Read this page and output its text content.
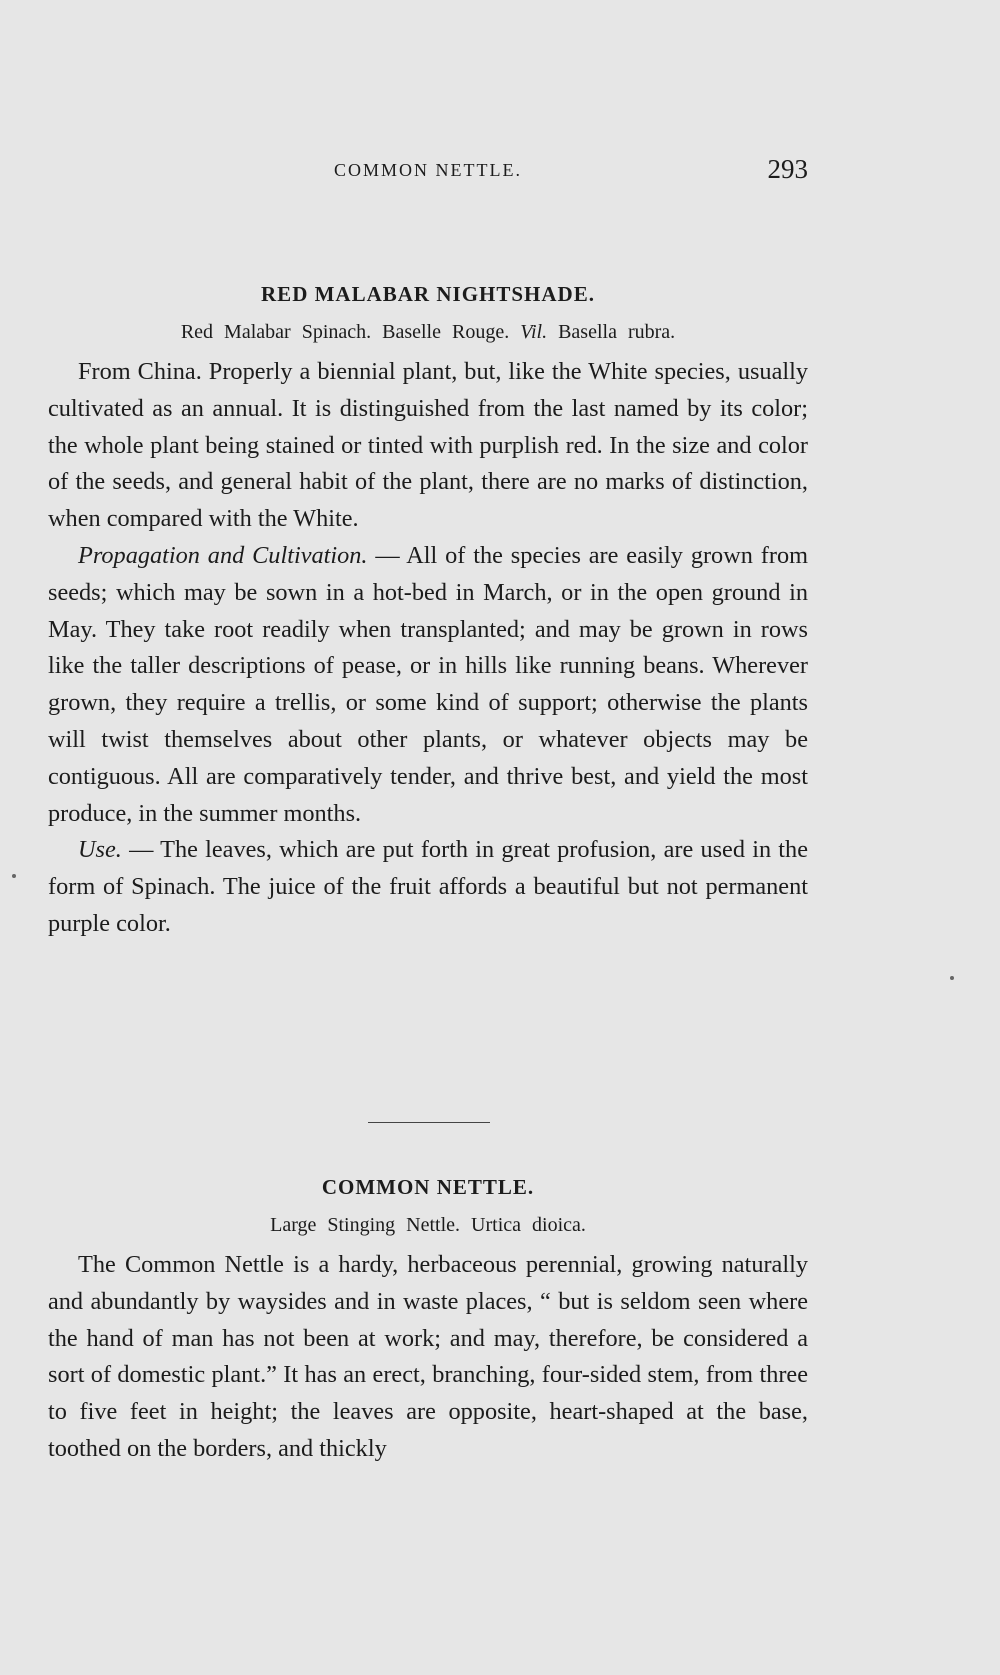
COMMON NETTLE.	293
RED MALABAR NIGHTSHADE.
Red Malabar Spinach. Baselle Rouge. Vil. Basella rubra.

From China. Properly a biennial plant, but, like the White species, usually cultivated as an annual. It is distinguished from the last named by its color; the whole plant being stained or tinted with purplish red. In the size and color of the seeds, and general habit of the plant, there are no marks of distinction, when compared with the White.

Propagation and Cultivation. — All of the species are easily grown from seeds; which may be sown in a hot-bed in March, or in the open ground in May. They take root readily when transplanted; and may be grown in rows like the taller descriptions of pease, or in hills like running beans. Wherever grown, they require a trellis, or some kind of support; otherwise the plants will twist themselves about other plants, or whatever objects may be contiguous. All are comparatively tender, and thrive best, and yield the most produce, in the summer months.

Use. — The leaves, which are put forth in great profusion, are used in the form of Spinach. The juice of the fruit affords a beautiful but not permanent purple color.

COMMON NETTLE.
Large Stinging Nettle. Urtica dioica.

The Common Nettle is a hardy, herbaceous perennial, growing naturally and abundantly by waysides and in waste places, “ but is seldom seen where the hand of man has not been at work; and may, therefore, be considered a sort of domestic plant.” It has an erect, branching, four-sided stem, from three to five feet in height; the leaves are opposite, heart-shaped at the base, toothed on the borders, and thickly
